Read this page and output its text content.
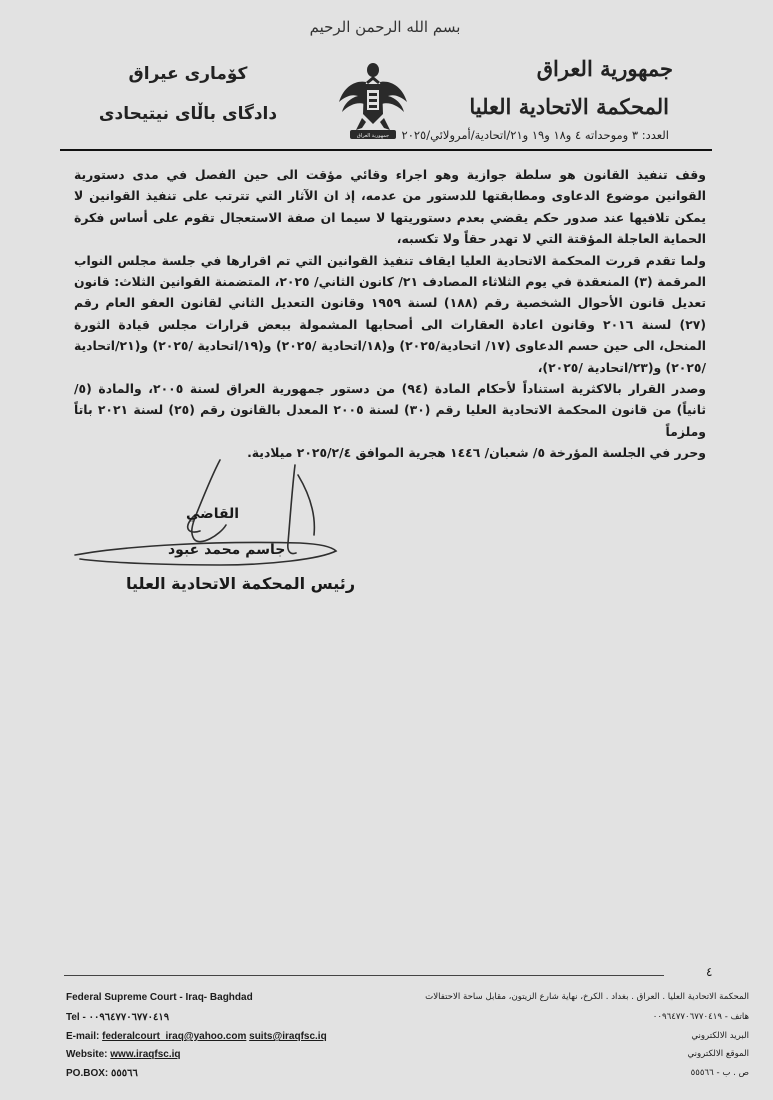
بسم الله الرحمن الرحيم
جمهورية العراق
المحكمة الاتحادية العليا
كۆمارى عيراق
دادگاى باڵاى نيتيحادى
جمهورية العراق العدد: ٣ وموحداته ٤ و١٨ و١٩ و٢١/اتحادية/أمرولائي/٢٠٢٥

وقف تنفيذ القانون هو سلطة جوازية وهو اجراء وقائي مؤقت الى حين الفصل في مدى دستورية القوانين موضوع الدعاوى ومطابقتها للدستور من عدمه، إذ ان الآثار التي تترتب على تنفيذ القوانين لا يمكن تلافيها عند صدور حكم يقضي بعدم دستوريتها لا سيما ان صفة الاستعجال تقوم على أساس فكرة الحماية العاجلة المؤقتة التي لا تهدر حقاً ولا تكسبه،

ولما تقدم قررت المحكمة الاتحادية العليا ايقاف تنفيذ القوانين التي تم اقرارها في جلسة مجلس النواب المرقمة (٣) المنعقدة في يوم الثلاثاء المصادف ٢١/ كانون الثاني/ ٢٠٢٥، المتضمنة القوانين الثلاث: قانون تعديل قانون الأحوال الشخصية رقم (١٨٨) لسنة ١٩٥٩ وقانون التعديل الثاني لقانون العفو العام رقم (٢٧) لسنة ٢٠١٦ وقانون اعادة العقارات الى أصحابها المشمولة ببعض قرارات مجلس قيادة الثورة المنحل، الى حين حسم الدعاوى (١٧/ اتحادية/٢٠٢٥) و(١٨/اتحادية /٢٠٢٥) و(١٩/اتحادية /٢٠٢٥) و(٢١/اتحادية /٢٠٢٥) و(٢٣/اتحادية /٢٠٢٥)،

وصدر القرار بالاكثرية استناداً لأحكام المادة (٩٤) من دستور جمهورية العراق لسنة ٢٠٠٥، والمادة (٥/ ثانياً) من قانون المحكمة الاتحادية العليا رقم (٣٠) لسنة ٢٠٠٥ المعدل بالقانون رقم (٢٥) لسنة ٢٠٢١ باتاً وملزماً

وحرر في الجلسة المؤرخة ٥/ شعبان/ ١٤٤٦ هجرية الموافق ٢٠٢٥/٢/٤ ميلادية.

القاضي
جاسم محمد عبود
رئيس المحكمة الاتحادية العليا
٤
Federal Supreme Court - Iraq- Baghdad
Tel - ٠٠٩٦٤٧٧٠٦٧٧٠٤١٩
E-mail: federalcourt_iraq@yahoo.com suits@iraqfsc.iq
Website: www.iraqfsc.iq
PO.BOX: ٥٥٥٦٦
المحكمة الاتحادية العليا . العراق . بغداد . الكرخ، نهاية شارع الزيتون، مقابل ساحة الاحتفالات
هاتف - ٠٠٩٦٤٧٧٠٦٧٧٠٤١٩
البريد الالكتروني
الموقع الالكتروني
ص . ب - ٥٥٥٦٦
